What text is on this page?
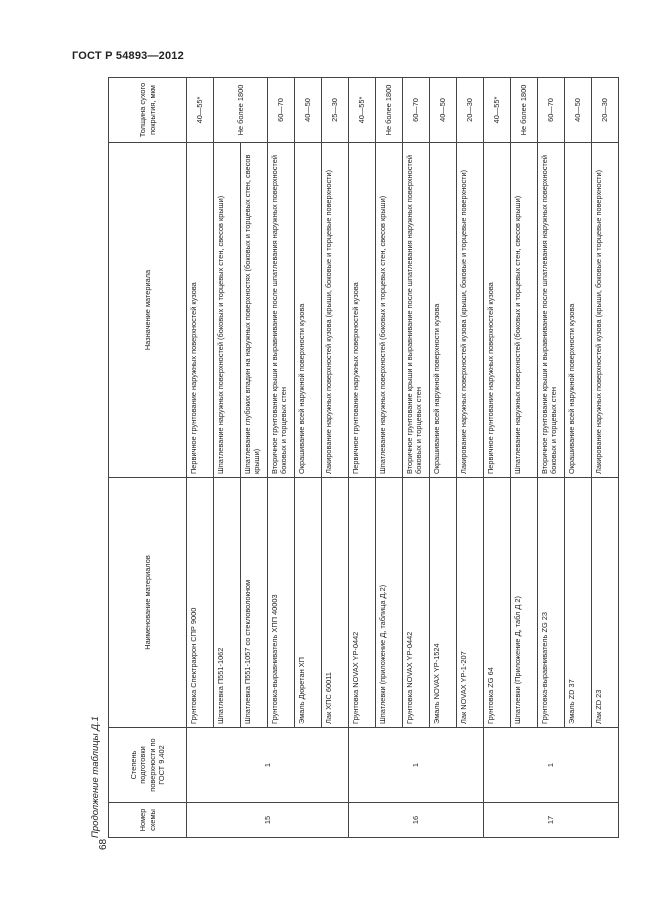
ГОСТ Р 54893—2012
68
Продолжение таблицы Д.1	Номер схемы	Степень подготовки поверхности по ГОСТ 9.402	Наименование материалов	Назначение материала	Толщина сухого покрытия, мкм
15	1	Грунтовка Спектракрон СПР 9000	Первичное грунтование наружных поверхностей кузова	40—55*
		Шпатлевка П551-1062	Шпатлевание наружных поверхностей (боковых и торцевых стен, свесов крыши)	Не более 1800
		Шпатлевка П551-1057 со стекловолокном	Шпатлевание глубоких впадин на наружных поверхностях (боковых и торцевых стен, свесов крыши)	
		Грунтовка-выравниватель ХПП 40003	Вторичное грунтование крыши и выравнивание после шпатлевания наружных поверхностей боковых и торцевых стен	60—70
		Эмаль Дюретан ХП	Окрашивание всей наружной поверхности кузова	40—50
		Лак ХПС 60011	Лакирование наружных поверхностей кузова (крыши, боковые и торцевые поверхности)	25—30
16	1	Грунтовка NOVAX YP-0442	Первичное грунтование наружных поверхностей кузова	40—55*
		Шпатлевки (приложение Д, таблица Д.2)	Шпатлевание наружных поверхностей (боковых и торцевых стен, свесов крыши)	Не более 1800
		Грунтовка NOVAX YP-0442	Вторичное грунтование крыши и выравнивание после шпатлевания наружных поверхностей боковых и торцевых стен	60—70
		Эмаль NOVAX YP-1524	Окрашивание всей наружной поверхности кузова	40—50
		Лак NOVAX YP-1-207	Лакирование наружных поверхностей кузова (крыши, боковые и торцевые поверхности)	20—30
17	1	Грунтовка ZG 64	Первичное грунтование наружных поверхностей кузова	40—55*
		Шпатлевки (Приложение Д, табл Д 2)	Шпатлевание наружных поверхностей (боковых и торцевых стен, свесов крыши)	Не более 1800
		Грунтовка-выравниватель ZG 23	Вторичное грунтование крыши и выравнивание после шпатлевания наружных поверхностей боковых и торцевых стен	60—70
		Эмаль ZD 37	Окрашивание всей наружной поверхности кузова	40—50
		Лак ZD 23	Лакирование наружных поверхностей кузова (крыши, боковые и торцевые поверхности)	20—30
